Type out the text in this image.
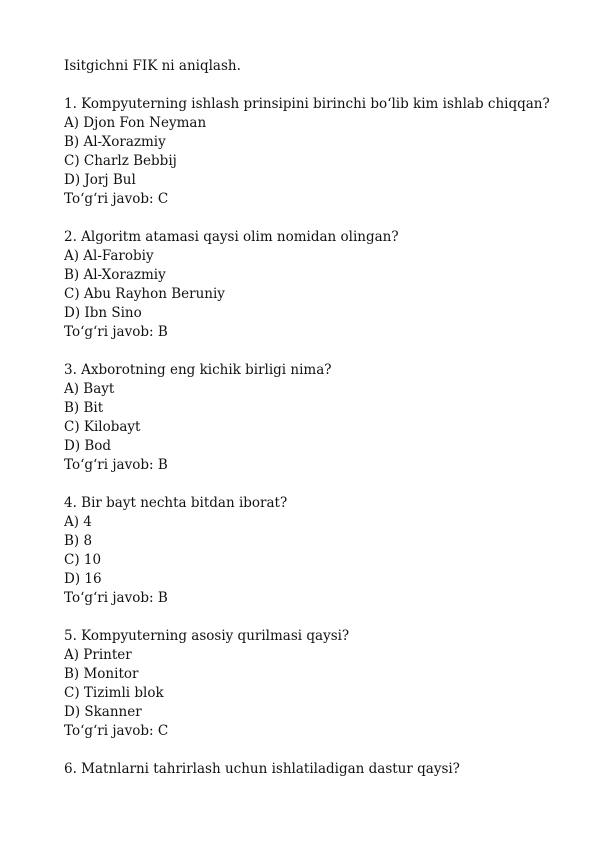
Isitgichni FIK ni aniqlash.
1. Kompyuterning ishlash prinsipini birinchi bo‘lib kim ishlab chiqqan?
A) Djon Fon Neyman
B) Al-Xorazmiy
C) Charlz Bebbij
D) Jorj Bul
To‘g‘ri javob: C
2. Algoritm atamasi qaysi olim nomidan olingan?
A) Al-Farobiy
B) Al-Xorazmiy
C) Abu Rayhon Beruniy
D) Ibn Sino
To‘g‘ri javob: B
3. Axborotning eng kichik birligi nima?
A) Bayt
B) Bit
C) Kilobayt
D) Bod
To‘g‘ri javob: B
4. Bir bayt nechta bitdan iborat?
A) 4
B) 8
C) 10
D) 16
To‘g‘ri javob: B
5. Kompyuterning asosiy qurilmasi qaysi?
A) Printer
B) Monitor
C) Tizimli blok
D) Skanner
To‘g‘ri javob: C
6. Matnlarni tahrirlash uchun ishlatiladigan dastur qaysi?
